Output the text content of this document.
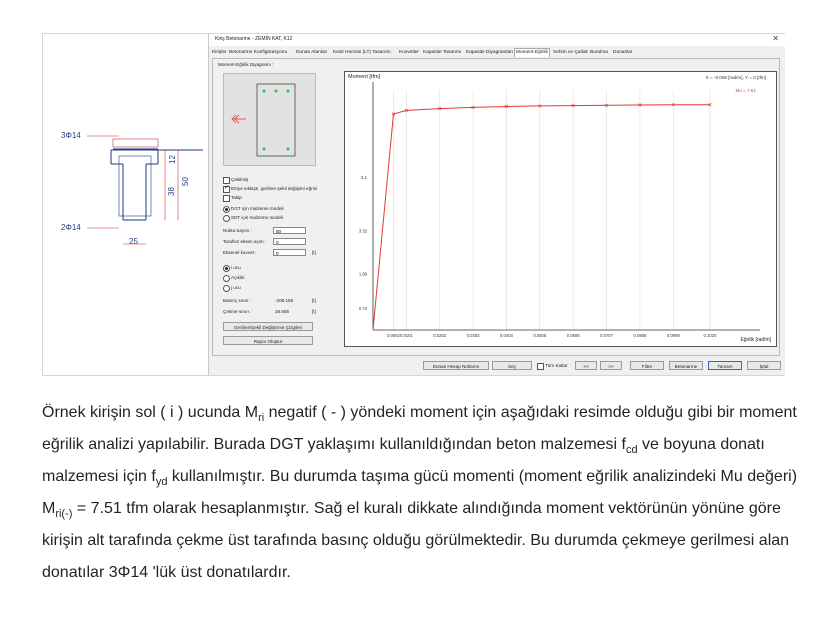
3Φ14
2Φ14
25
12
38
50
Kiriş Betonarme - ZEMİN KAT, K12	✕
Kirişler Betonarme Konfigürasyonu Donatı Alanları Kesit Hücresi (LT) Tasarımı Kuvvetler Kapasite Tasarımı Kapasite Diyagramları Moment-Eğrilik	Sehim ve Çatlak Burulma Donatılar
Moment-Eğrilik Diyagramı :
Çekilmiş
✓ Etriye sıklaştı. gerilme-şekil değişimi eğrisi
Takip
DGT için malzeme modeli
SDT için malzeme modeli
Nokta Sayısı :	50
Tarafsız eksen açısı :	0
Eksenel kuvvet :	0	[t]
i ucu
Açıklık
j ucu
Basınç sınırı :	-208.156	[t]
Çekme sınırı :	28.665	[t]
Gerilme/Şekil Değiştirme Çizgileri
Rapor Oluştur
0.0062 0.0101	0.0202	0.0303	0.0404	0.0505	0.0606	0.0707	0.0808	0.0909	0.1020
0.74
1.88
3.32
5.1
Moment [tfm]	X = -0.006 [rad/m], Y = 0 [tfm]
Mu = 7.51
Eğrilik [rad/m]
Donatı Hesap Notlarını	Seç	Tüm Katlar	<<	>>	Filtre	Betonarme	Tamam	İptal
Örnek kirişin sol ( i ) ucunda $M_{ri}$ negatif ( - ) yöndeki moment için aşağıdaki resimde olduğu gibi bir moment eğrilik analizi yapılabilir. Burada DGT yaklaşımı kullanıldığından beton malzemesi $f_{cd}$ ve boyuna donatı malzemesi için $f_{yd}$ kullanılmıştır. Bu durumda taşıma gücü momenti (moment eğrilik analizindeki Mu değeri) $M_{ri(-)} = 7.51$ tfm olarak hesaplanmıştır. Sağ el kuralı dikkate alındığında moment vektörünün yönüne göre kirişin alt tarafında çekme üst tarafında basınç olduğu görülmektedir. Bu durumda çekmeye gerilmesi alan donatılar 3Φ14 'lük üst donatılardır.
